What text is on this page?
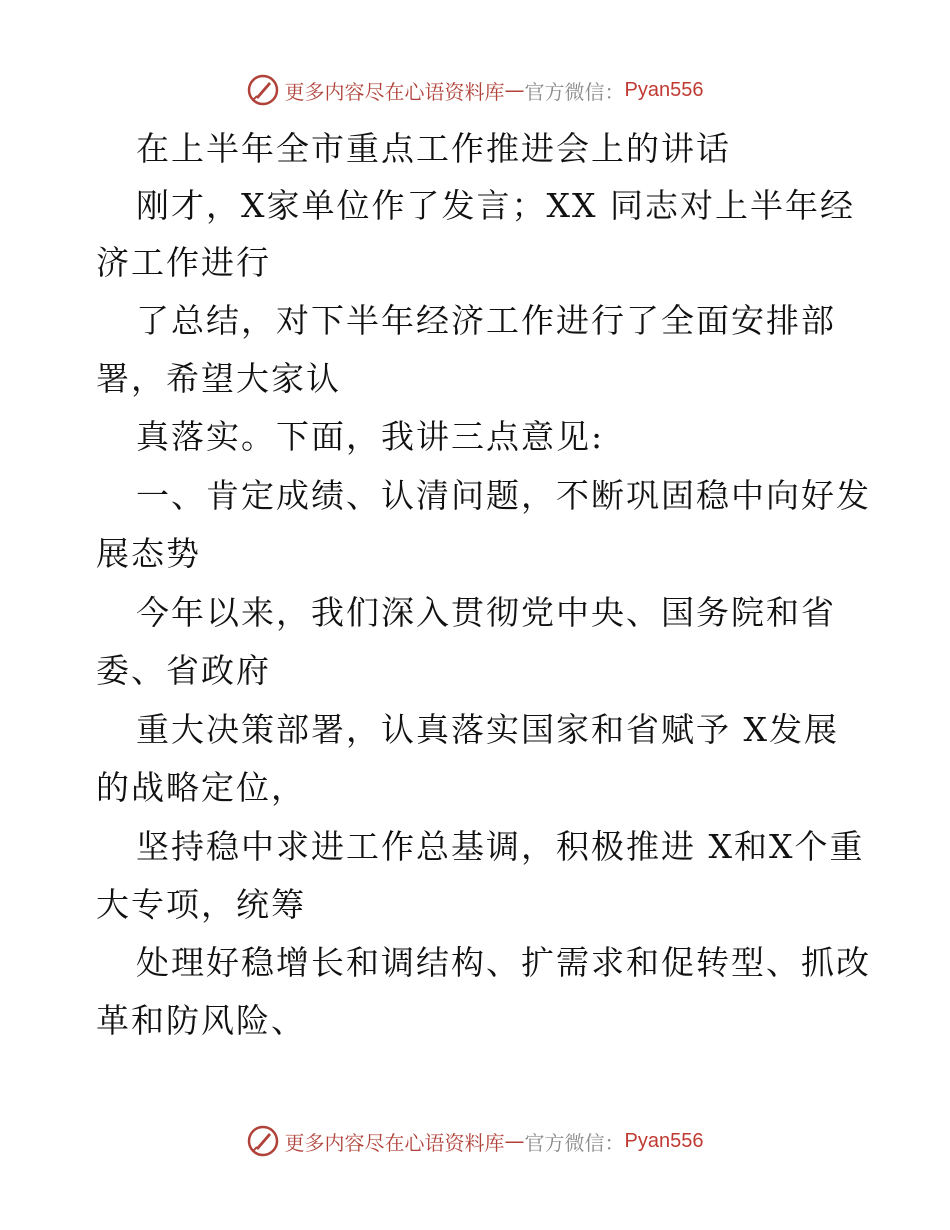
更多内容尽在心语资料库 — 官方微信： Pyan556
在上半年全市重点工作推进会上的讲话
刚才，X家单位作了发言；XX 同志对上半年经
济工作进行
了总结，对下半年经济工作进行了全面安排部
署，希望大家认
真落实。下面，我讲三点意见:
一、肯定成绩、认清问题，不断巩固稳中向好发
展态势
今年以来，我们深入贯彻党中央、国务院和省
委、省政府
重大决策部署，认真落实国家和省赋予 X发展
的战略定位，
坚持稳中求进工作总基调，积极推进 X和X个重
大专项，统筹
处理好稳增长和调结构、扩需求和促转型、抓改
革和防风险、
更多内容尽在心语资料库 — 官方微信： Pyan556
